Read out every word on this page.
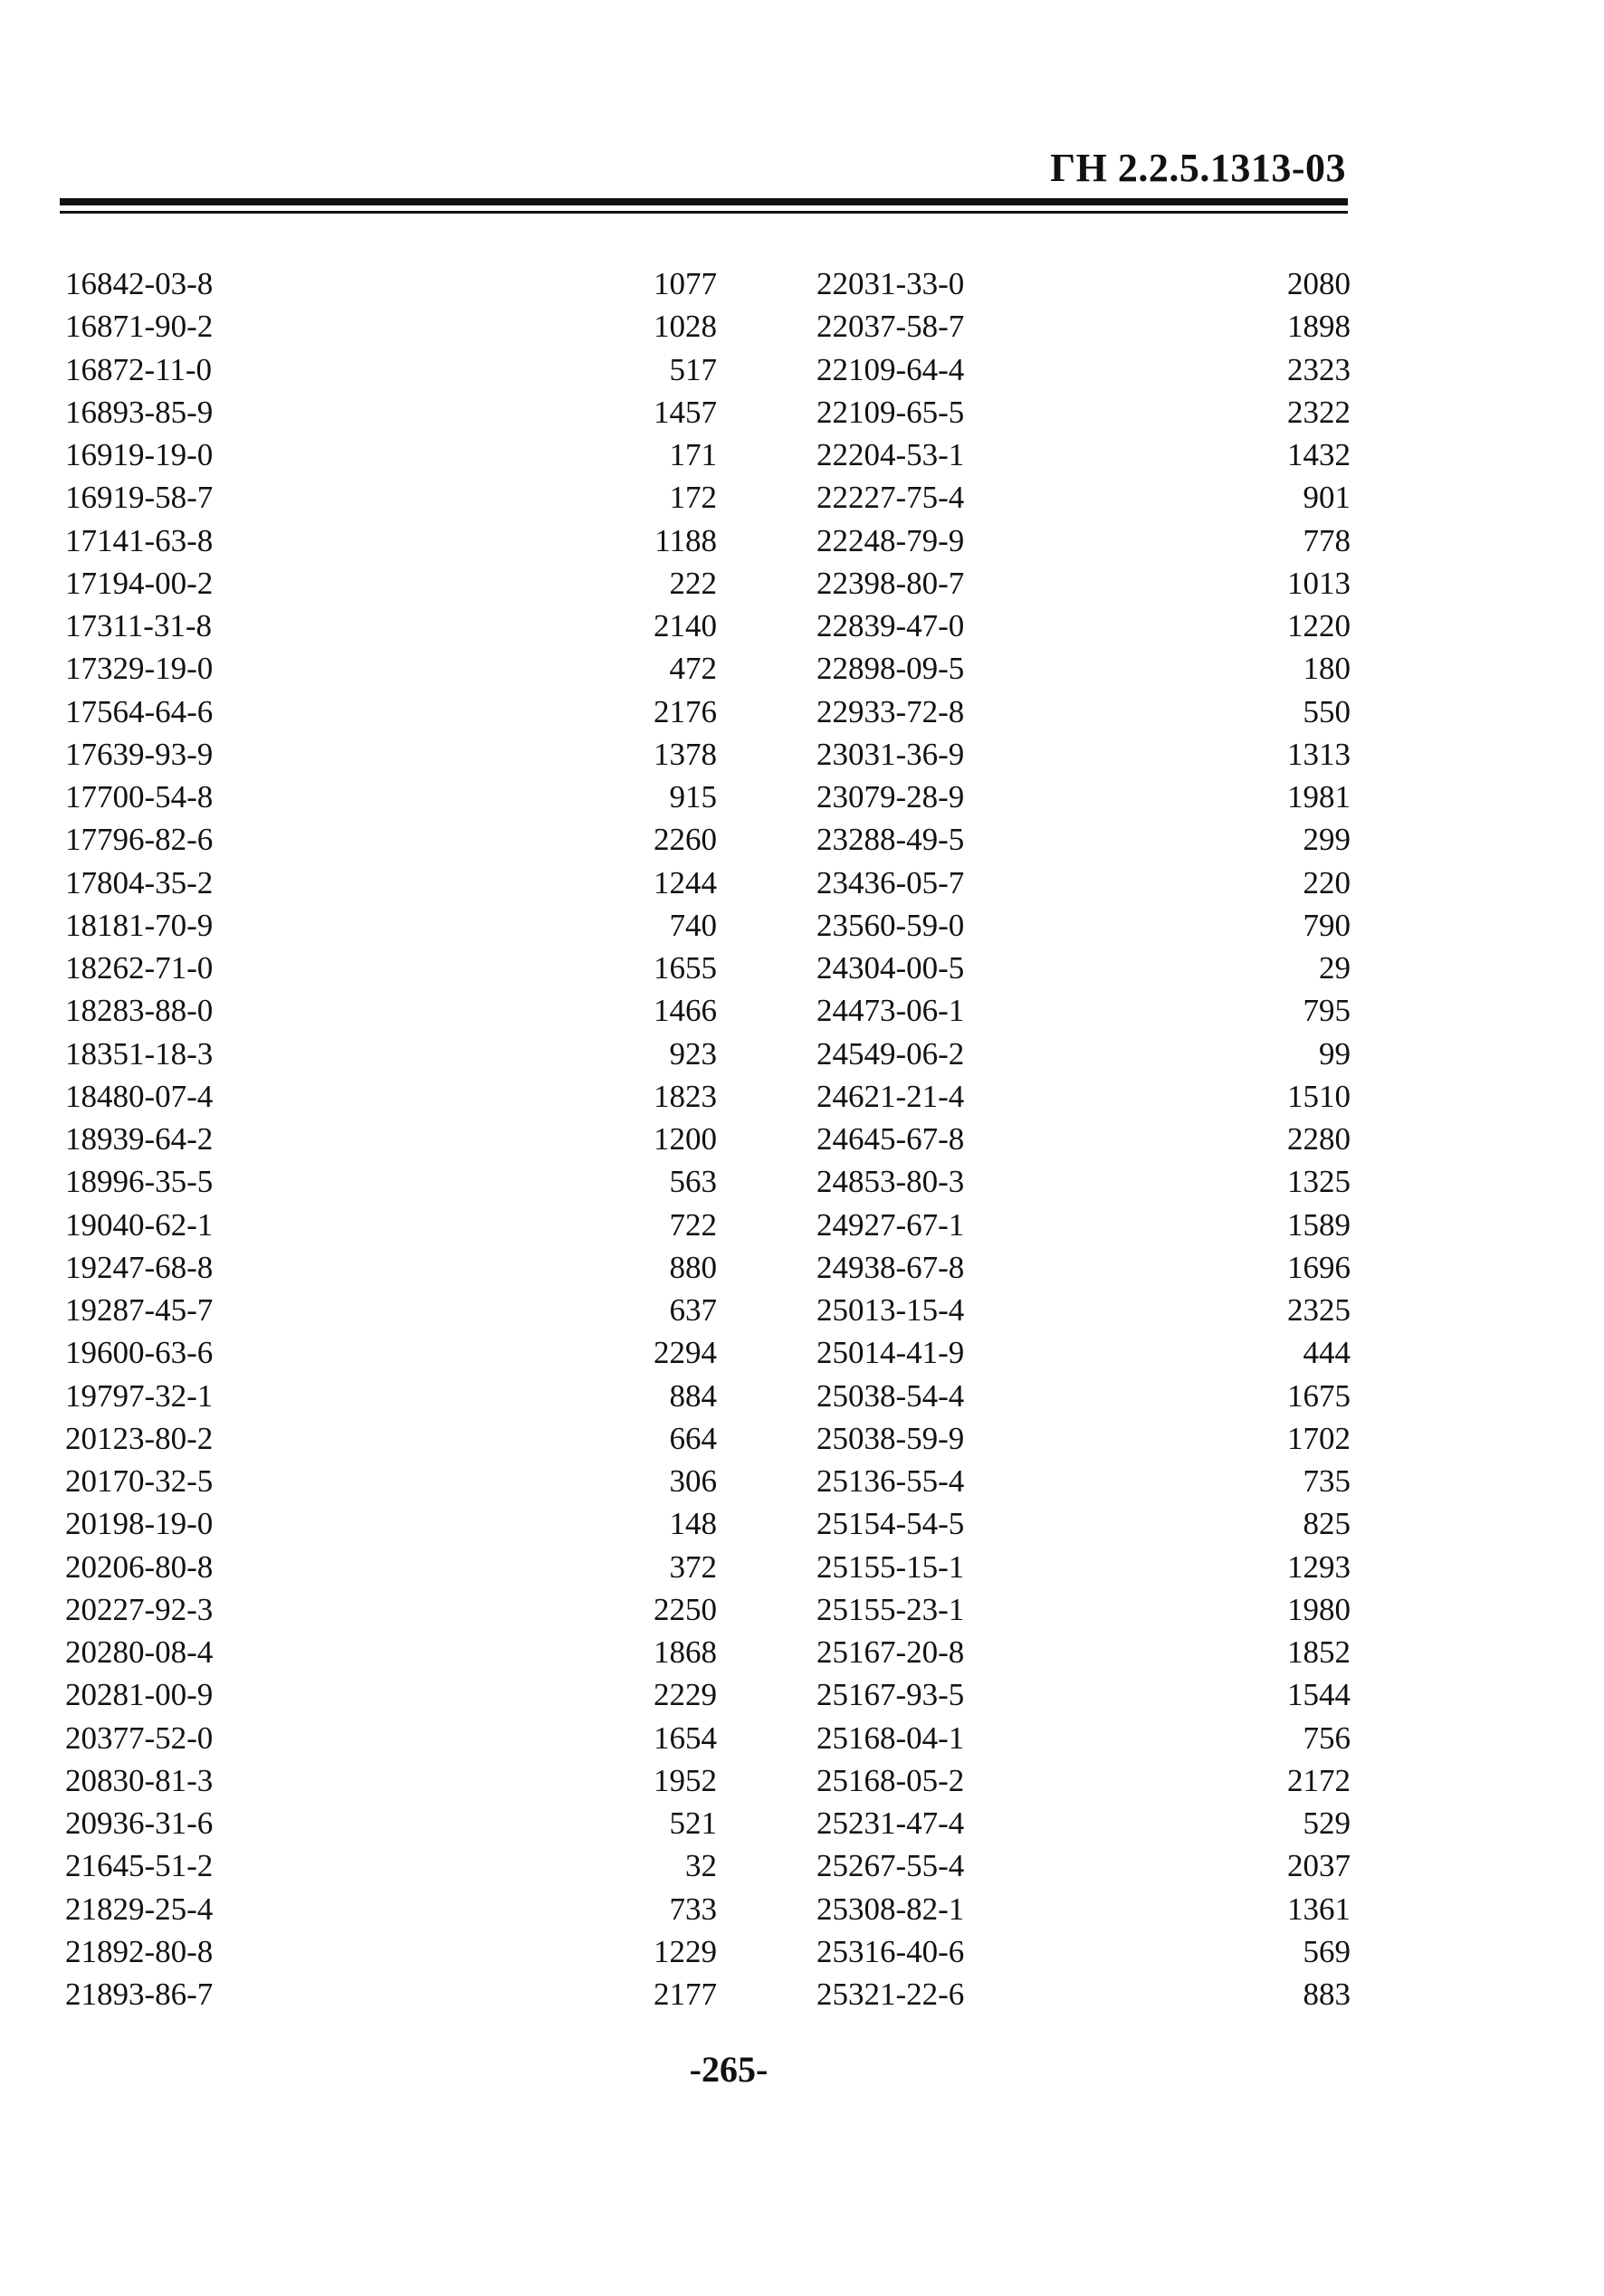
ГН 2.2.5.1313-03
16842-03-8	1077	22031-33-0	2080
16871-90-2	1028	22037-58-7	1898
16872-11-0	517	22109-64-4	2323
16893-85-9	1457	22109-65-5	2322
16919-19-0	171	22204-53-1	1432
16919-58-7	172	22227-75-4	901
17141-63-8	1188	22248-79-9	778
17194-00-2	222	22398-80-7	1013
17311-31-8	2140	22839-47-0	1220
17329-19-0	472	22898-09-5	180
17564-64-6	2176	22933-72-8	550
17639-93-9	1378	23031-36-9	1313
17700-54-8	915	23079-28-9	1981
17796-82-6	2260	23288-49-5	299
17804-35-2	1244	23436-05-7	220
18181-70-9	740	23560-59-0	790
18262-71-0	1655	24304-00-5	29
18283-88-0	1466	24473-06-1	795
18351-18-3	923	24549-06-2	99
18480-07-4	1823	24621-21-4	1510
18939-64-2	1200	24645-67-8	2280
18996-35-5	563	24853-80-3	1325
19040-62-1	722	24927-67-1	1589
19247-68-8	880	24938-67-8	1696
19287-45-7	637	25013-15-4	2325
19600-63-6	2294	25014-41-9	444
19797-32-1	884	25038-54-4	1675
20123-80-2	664	25038-59-9	1702
20170-32-5	306	25136-55-4	735
20198-19-0	148	25154-54-5	825
20206-80-8	372	25155-15-1	1293
20227-92-3	2250	25155-23-1	1980
20280-08-4	1868	25167-20-8	1852
20281-00-9	2229	25167-93-5	1544
20377-52-0	1654	25168-04-1	756
20830-81-3	1952	25168-05-2	2172
20936-31-6	521	25231-47-4	529
21645-51-2	32	25267-55-4	2037
21829-25-4	733	25308-82-1	1361
21892-80-8	1229	25316-40-6	569
21893-86-7	2177	25321-22-6	883
-265-
